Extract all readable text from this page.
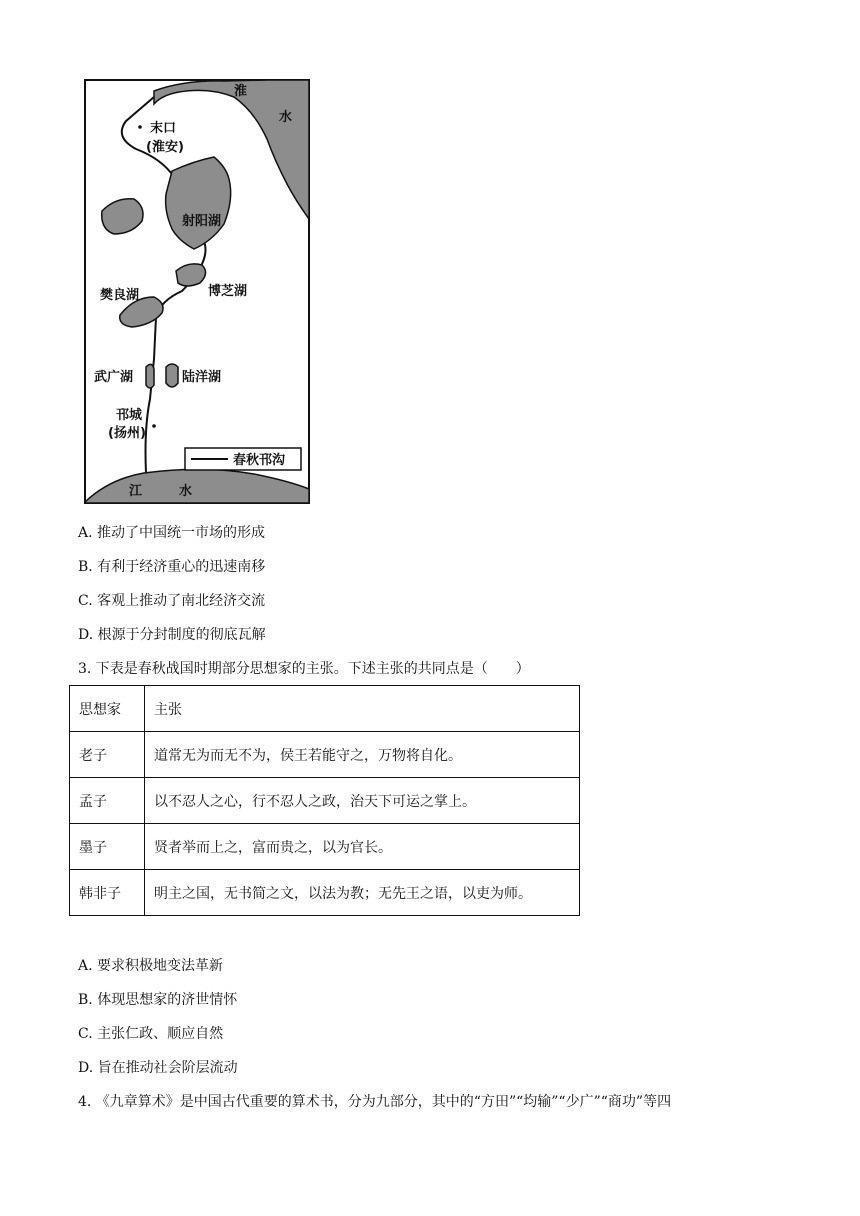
淮
水
末口
(淮安)
射阳湖
博芝湖
樊良湖
武广湖	陆洋湖
邗城
(扬州)
江	水
春秋邗沟
A. 推动了中国统一市场的形成
B. 有利于经济重心的迅速南移
C. 客观上推动了南北经济交流
D. 根源于分封制度的彻底瓦解
3. 下表是春秋战国时期部分思想家的主张。下述主张的共同点是（　　）
思想家	主张
老子	道常无为而无不为，侯王若能守之，万物将自化。
孟子	以不忍人之心，行不忍人之政，治天下可运之掌上。
墨子	贤者举而上之，富而贵之，以为官长。
韩非子	明主之国，无书简之文，以法为教；无先王之语，以吏为师。
A. 要求积极地变法革新
B. 体现思想家的济世情怀
C. 主张仁政、顺应自然
D. 旨在推动社会阶层流动
4. 《九章算术》是中国古代重要的算术书，分为九部分，其中的“方田”“均输”“少广”“商功”等四
